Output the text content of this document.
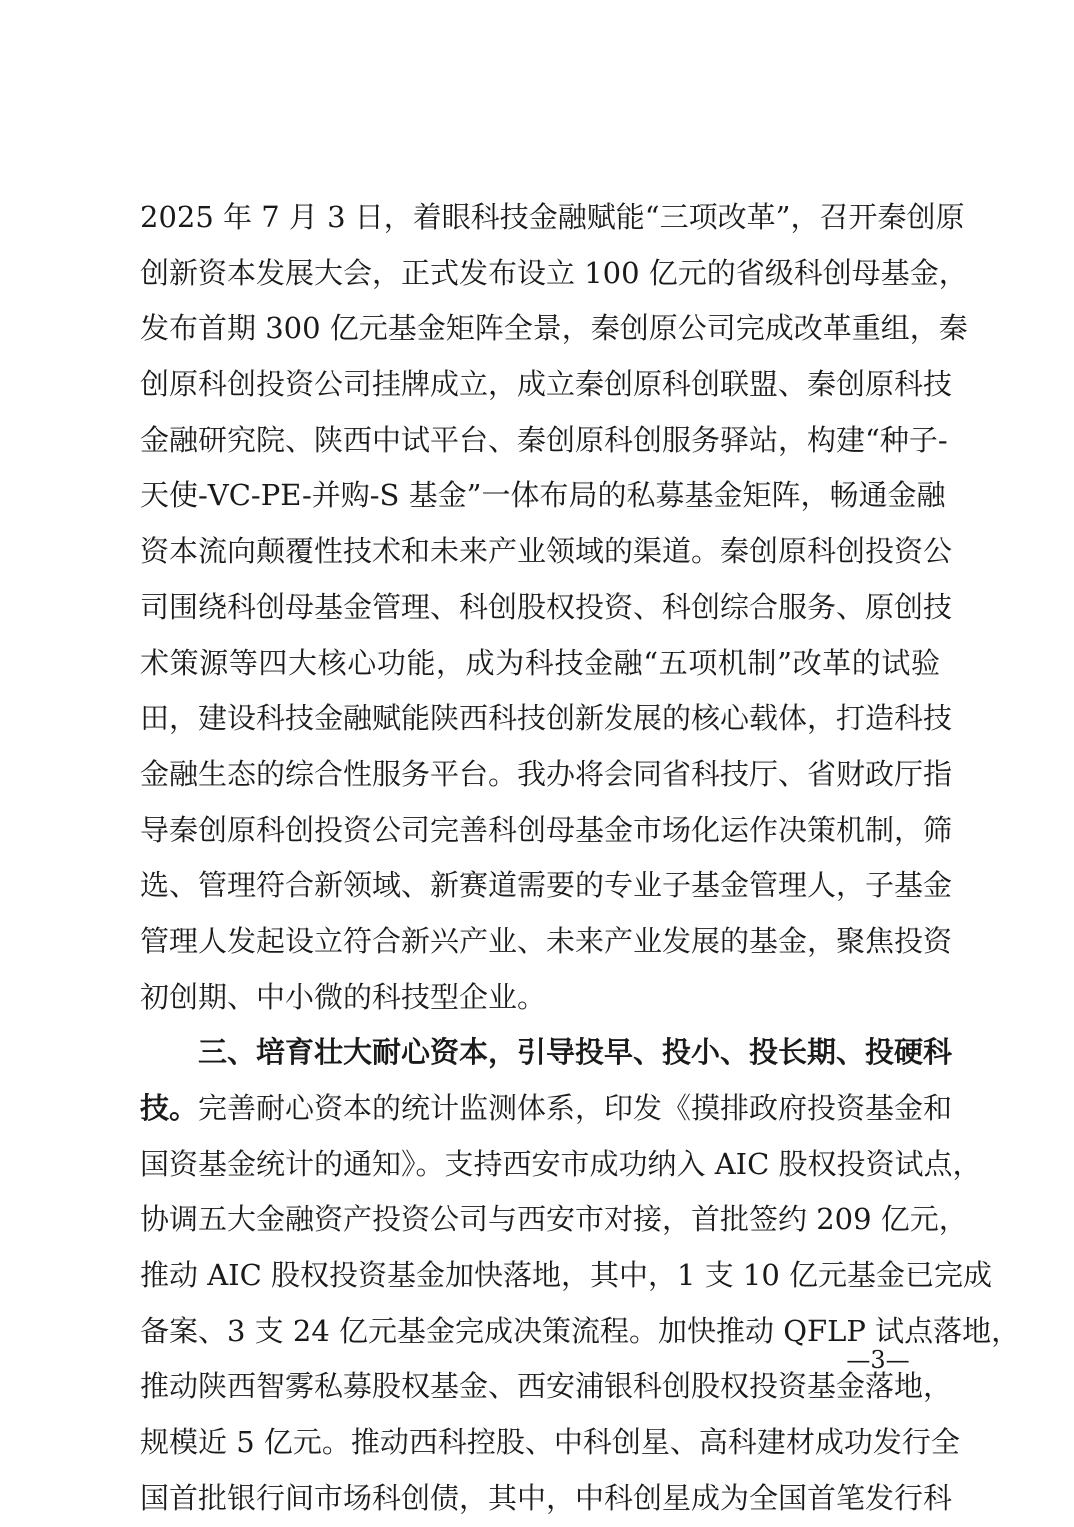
2025 年 7 月 3 日，着眼科技金融赋能“三项改革”，召开秦创原
创新资本发展大会，正式发布设立 100 亿元的省级科创母基金，
发布首期 300 亿元基金矩阵全景，秦创原公司完成改革重组，秦
创原科创投资公司挂牌成立，成立秦创原科创联盟、秦创原科技
金融研究院、陕西中试平台、秦创原科创服务驿站，构建“种子-
天使-VC-PE-并购-S 基金”一体布局的私募基金矩阵，畅通金融
资本流向颠覆性技术和未来产业领域的渠道。秦创原科创投资公
司围绕科创母基金管理、科创股权投资、科创综合服务、原创技
术策源等四大核心功能，成为科技金融“五项机制”改革的试验
田，建设科技金融赋能陕西科技创新发展的核心载体，打造科技
金融生态的综合性服务平台。我办将会同省科技厅、省财政厅指
导秦创原科创投资公司完善科创母基金市场化运作决策机制，筛
选、管理符合新领域、新赛道需要的专业子基金管理人，子基金
管理人发起设立符合新兴产业、未来产业发展的基金，聚焦投资
初创期、中小微的科技型企业。
三、培育壮大耐心资本，引导投早、投小、投长期、投硬科
技。完善耐心资本的统计监测体系，印发《摸排政府投资基金和
国资基金统计的通知》。支持西安市成功纳入 AIC 股权投资试点，
协调五大金融资产投资公司与西安市对接，首批签约 209 亿元，
推动 AIC 股权投资基金加快落地，其中，1 支 10 亿元基金已完成
备案、3 支 24 亿元基金完成决策流程。加快推动 QFLP 试点落地，
推动陕西智雾私募股权基金、西安浦银科创股权投资基金落地，
规模近 5 亿元。推动西科控股、中科创星、高科建材成功发行全
国首批银行间市场科创债，其中，中科创星成为全国首笔发行科
—3—
